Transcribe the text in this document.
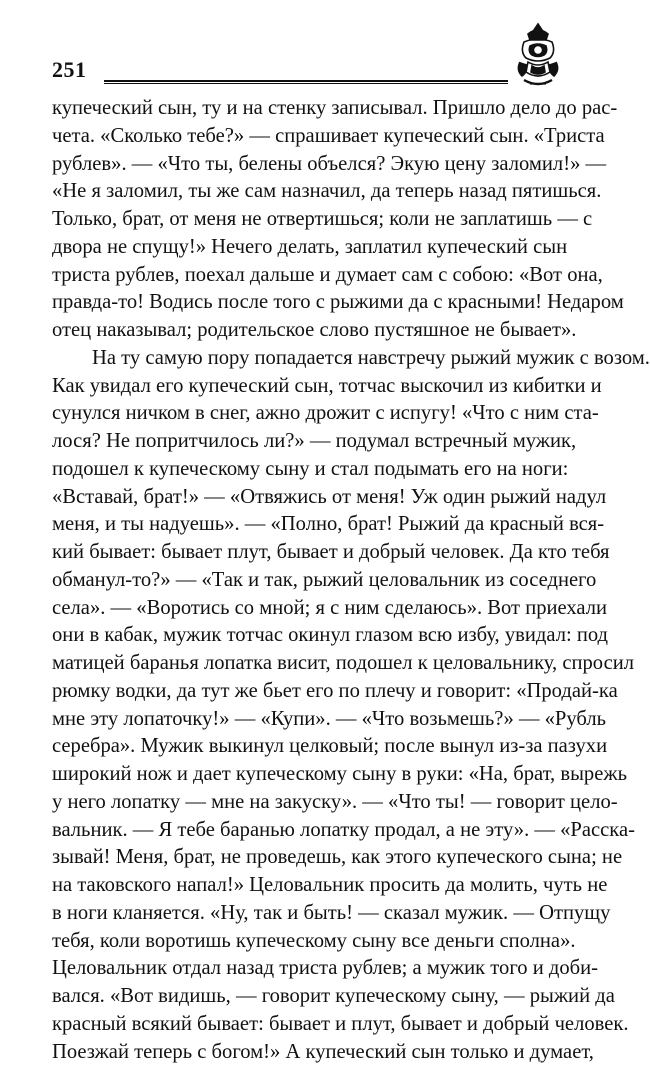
251
купеческий сын, ту и на стенку записывал. Пришло дело до рас-
чета. «Сколько тебе?» — спрашивает купеческий сын. «Триста
рублев». — «Что ты, белены объелся? Экую цену заломил!» —
«Не я заломил, ты же сам назначил, да теперь назад пятишься.
Только, брат, от меня не отвертишься; коли не заплатишь — с
двора не спущу!» Нечего делать, заплатил купеческий сын
триста рублев, поехал дальше и думает сам с собою: «Вот она,
правда-то! Водись после того с рыжими да с красными! Недаром
отец наказывал; родительское слово пустяшное не бывает».
На ту самую пору попадается навстречу рыжий мужик с возом.
Как увидал его купеческий сын, тотчас выскочил из кибитки и
сунулся ничком в снег, ажно дрожит с испугу! «Что с ним ста-
лося? Не попритчилось ли?» — подумал встречный мужик,
подошел к купеческому сыну и стал подымать его на ноги:
«Вставай, брат!» — «Отвяжись от меня! Уж один рыжий надул
меня, и ты надуешь». — «Полно, брат! Рыжий да красный вся-
кий бывает: бывает плут, бывает и добрый человек. Да кто тебя
обманул-то?» — «Так и так, рыжий целовальник из соседнего
села». — «Воротись со мной; я с ним сделаюсь». Вот приехали
они в кабак, мужик тотчас окинул глазом всю избу, увидал: под
матицей баранья лопатка висит, подошел к целовальнику, спросил
рюмку водки, да тут же бьет его по плечу и говорит: «Продай-ка
мне эту лопаточку!» — «Купи». — «Что возьмешь?» — «Рубль
серебра». Мужик выкинул целковый; после вынул из-за пазухи
широкий нож и дает купеческому сыну в руки: «На, брат, вырежь
у него лопатку — мне на закуску». — «Что ты! — говорит цело-
вальник. — Я тебе баранью лопатку продал, а не эту». — «Расска-
зывай! Меня, брат, не проведешь, как этого купеческого сына; не
на таковского напал!» Целовальник просить да молить, чуть не
в ноги кланяется. «Ну, так и быть! — сказал мужик. — Отпущу
тебя, коли воротишь купеческому сыну все деньги сполна».
Целовальник отдал назад триста рублев; а мужик того и доби-
вался. «Вот видишь, — говорит купеческому сыну, — рыжий да
красный всякий бывает: бывает и плут, бывает и добрый человек.
Поезжай теперь с богом!» А купеческий сын только и думает,
